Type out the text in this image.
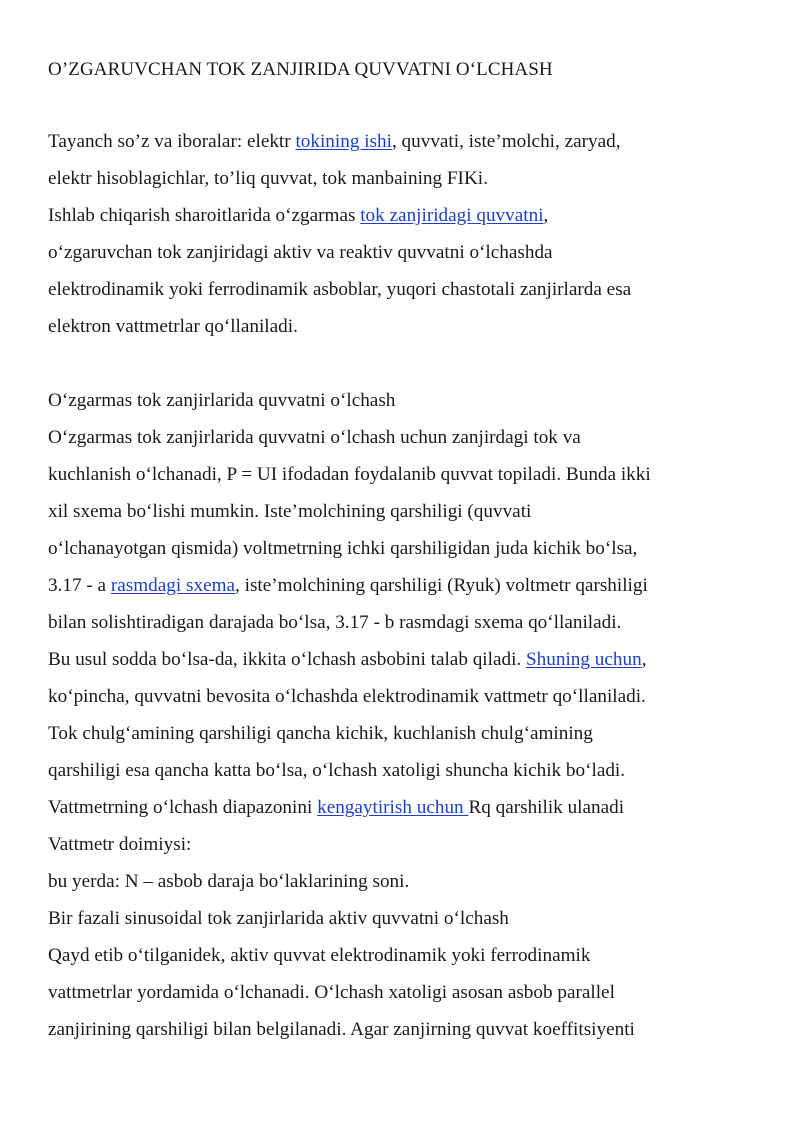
O’ZGARUVCHAN TOK ZANJIRIDA QUVVATNI O‘LCHASH
Tayanch so’z va iboralar: elektr tokining ishi, quvvati, iste’molchi, zaryad,
elektr hisoblagichlar, to’liq quvvat, tok manbaining FIKi.
Ishlab chiqarish sharoitlarida o‘zgarmas tok zanjiridagi quvvatni,
o‘zgaruvchan tok zanjiridagi aktiv va reaktiv quvvatni o‘lchashda
elektrodinamik yoki ferrodinamik asboblar, yuqori chastotali zanjirlarda esa
elektron vattmetrlar qo‘llaniladi.
O‘zgarmas tok zanjirlarida quvvatni o‘lchash
O‘zgarmas tok zanjirlarida quvvatni o‘lchash uchun zanjirdagi tok va
kuchlanish o‘lchanadi, P = UI ifodadan foydalanib quvvat topiladi. Bunda ikki
xil sxema bo‘lishi mumkin. Iste’molchining qarshiligi (quvvati
o‘lchanayotgan qismida) voltmetrning ichki qarshiligidan juda kichik bo‘lsa,
3.17 - a rasmdagi sxema, iste’molchining qarshiligi (Ryuk) voltmetr qarshiligi
bilan solishtiradigan darajada bo‘lsa, 3.17 - b rasmdagi sxema qo‘llaniladi.
Bu usul sodda bo‘lsa-da, ikkita o‘lchash asbobini talab qiladi. Shuning uchun,
ko‘pincha, quvvatni bevosita o‘lchashda elektrodinamik vattmetr qo‘llaniladi.
Tok chulg‘amining qarshiligi qancha kichik, kuchlanish chulg‘amining
qarshiligi esa qancha katta bo‘lsa, o‘lchash xatoligi shuncha kichik bo‘ladi.
Vattmetrning o‘lchash diapazonini kengaytirish uchun Rq qarshilik ulanadi
Vattmetr doimiysi:
bu yerda: N – asbob daraja bo‘laklarining soni.
Bir fazali sinusoidal tok zanjirlarida aktiv quvvatni o‘lchash
Qayd etib o‘tilganidek, aktiv quvvat elektrodinamik yoki ferrodinamik
vattmetrlar yordamida o‘lchanadi. O‘lchash xatoligi asosan asbob parallel
zanjirining qarshiligi bilan belgilanadi. Agar zanjirning quvvat koeffitsiyenti
